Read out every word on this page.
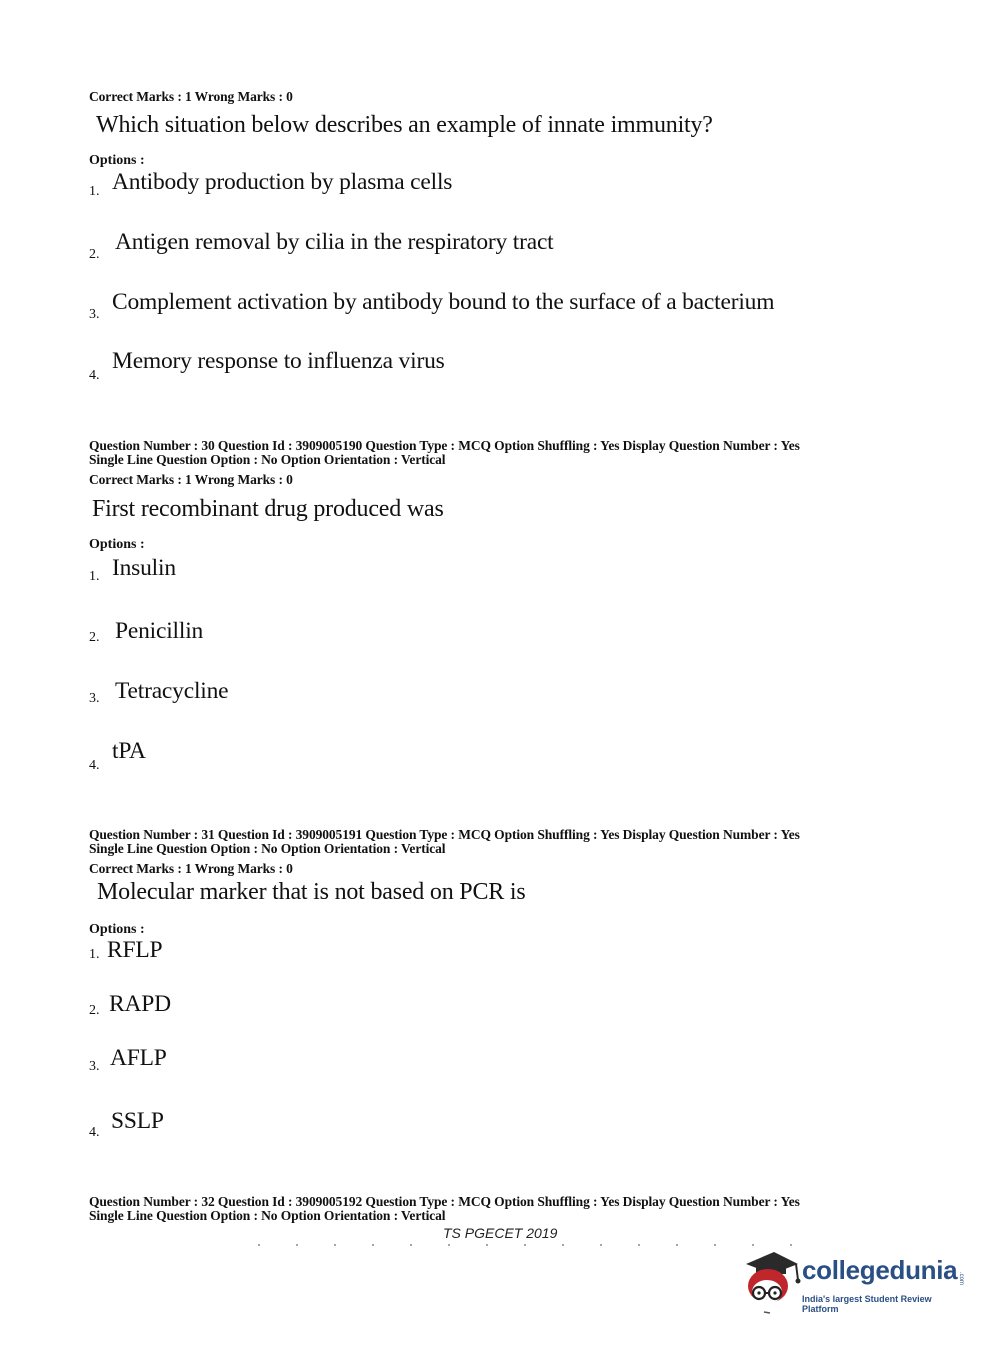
Correct Marks : 1 Wrong Marks : 0
Which situation below describes an example of innate immunity?
Options :
1. Antibody production by plasma cells
2. Antigen removal by cilia in the respiratory tract
3. Complement activation by antibody bound to the surface of a bacterium
4.
Memory response to influenza virus
Question Number : 30 Question Id : 3909005190 Question Type : MCQ Option Shuffling : Yes Display Question Number : Yes
Single Line Question Option : No Option Orientation : Vertical
Correct Marks : 1 Wrong Marks : 0
First recombinant drug produced was
Options :
1. Insulin
2. Penicillin
3. Tetracycline
4.
tPA
Question Number : 31 Question Id : 3909005191 Question Type : MCQ Option Shuffling : Yes Display Question Number : Yes
Single Line Question Option : No Option Orientation : Vertical
Correct Marks : 1 Wrong Marks : 0
Molecular marker that is not based on PCR is
Options :
1. RFLP
2. RAPD
3. AFLP
4. SSLP
Question Number : 32 Question Id : 3909005192 Question Type : MCQ Option Shuffling : Yes Display Question Number : Yes
Single Line Question Option : No Option Orientation : Vertical
TS PGECET 2019
collegedunia .com
India's largest Student Review Platform
